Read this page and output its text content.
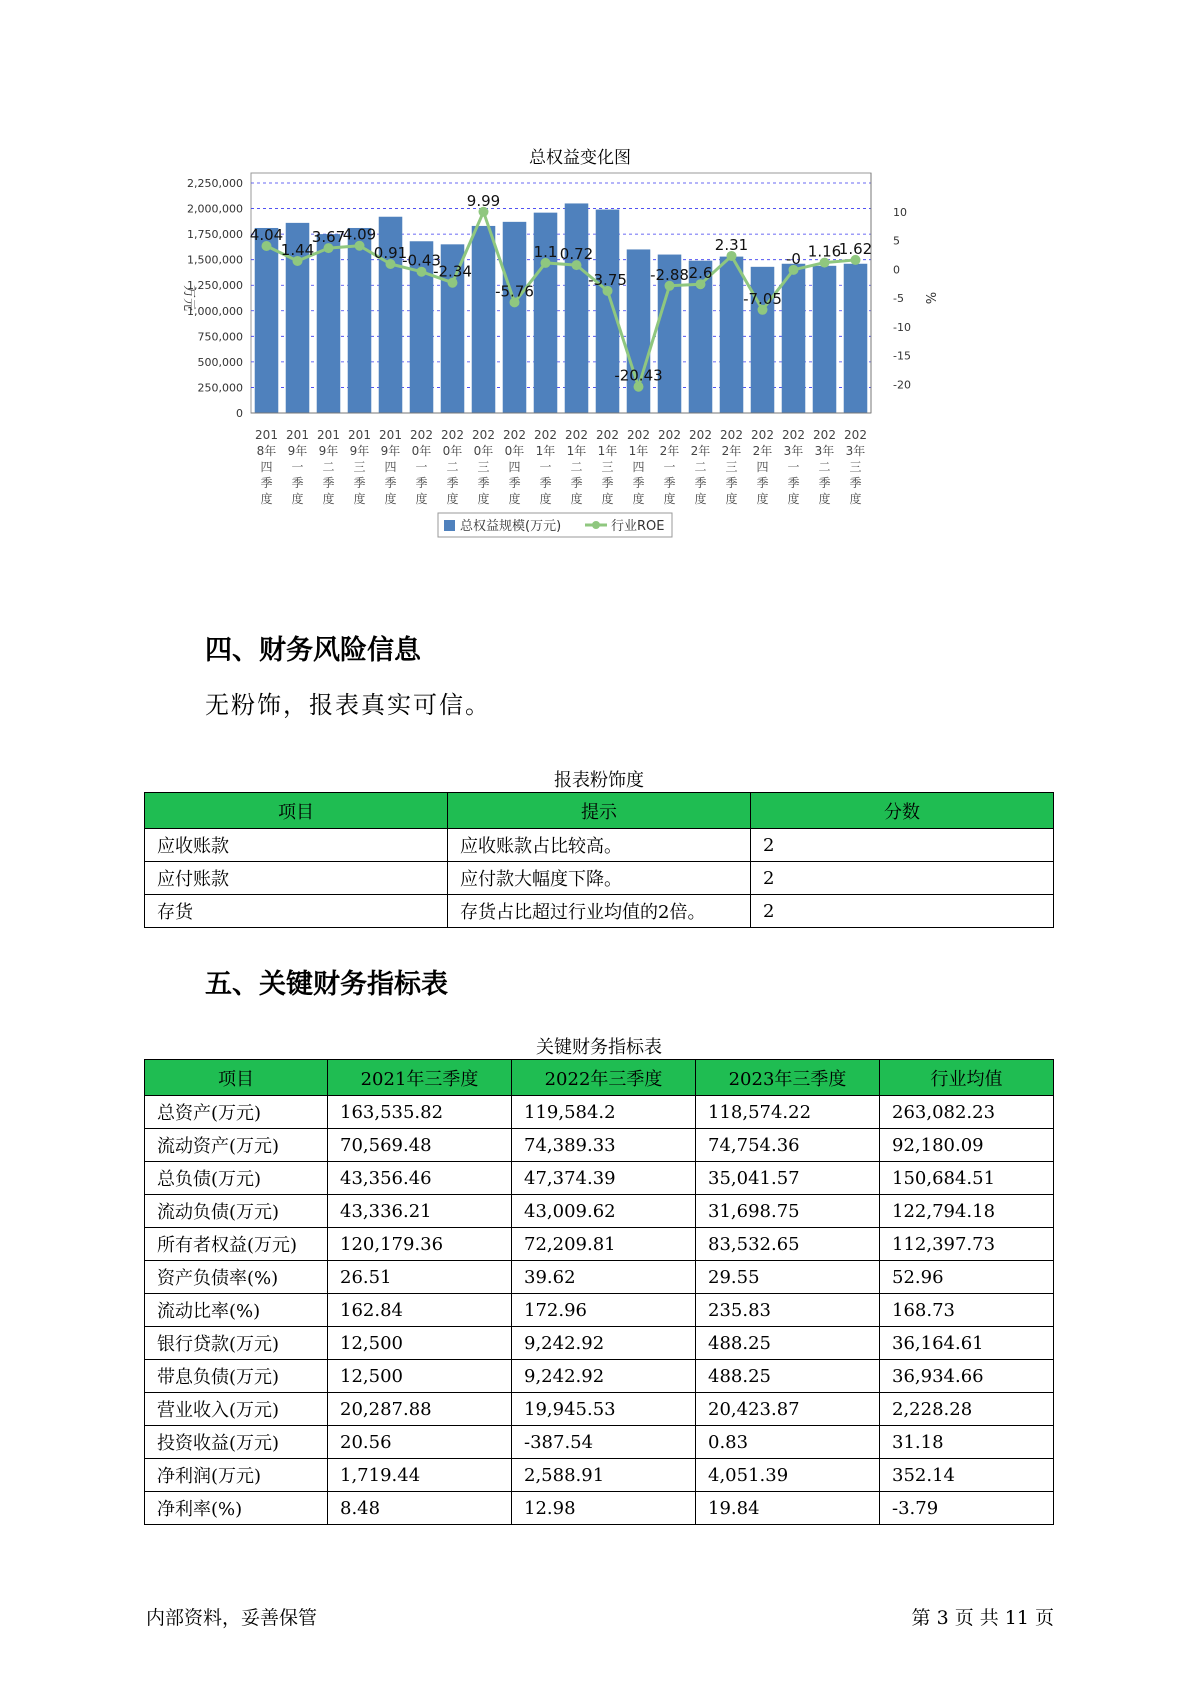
总权益变化图
0
250,000
500,000
750,000
1,000,000
1,250,000
1,500,000
1,750,000
2,000,000
2,250,000
10
5
0
-5
-10
-15
-20
万元	%
4.04
1.44
3.67
4.09
0.91
-0.43
-2.34
9.99
-5.76
1.1 0.72
-3.75
-20.43
-2.88 2.6
2.31
-7.05
-0 1.16
1.62
201
8年
四
季
度
201
9年
一
季
度
201
9年
二
季
度
201
9年
三
季
度
201
9年
四
季
度
202
0年
一
季
度
202
0年
二
季
度
202
0年
三
季
度
202
0年
四
季
度
202
1年
一
季
度
202
1年
二
季
度
202
1年
三
季
度
202
1年
四
季
度
202
2年
一
季
度
202
2年
二
季
度
202
2年
三
季
度
202
2年
四
季
度
202
3年
一
季
度
202
3年
二
季
度
202
3年
三
季
度
总权益规模(万元)	行业ROE
四、财务风险信息
无粉饰，报表真实可信。
报表粉饰度
项目	提示	分数
应收账款	应收账款占比较高。	2
应付账款	应付款大幅度下降。	2
存货	存货占比超过行业均值的2倍。	2
五、关键财务指标表
关键财务指标表
项目	2021年三季度	2022年三季度	2023年三季度	行业均值
总资产(万元)	163,535.82	119,584.2	118,574.22	263,082.23
流动资产(万元)	70,569.48	74,389.33	74,754.36	92,180.09
总负债(万元)	43,356.46	47,374.39	35,041.57	150,684.51
流动负债(万元)	43,336.21	43,009.62	31,698.75	122,794.18
所有者权益(万元)	120,179.36	72,209.81	83,532.65	112,397.73
资产负债率(%)	26.51	39.62	29.55	52.96
流动比率(%)	162.84	172.96	235.83	168.73
银行贷款(万元)	12,500	9,242.92	488.25	36,164.61
带息负债(万元)	12,500	9,242.92	488.25	36,934.66
营业收入(万元)	20,287.88	19,945.53	20,423.87	2,228.28
投资收益(万元)	20.56	-387.54	0.83	31.18
净利润(万元)	1,719.44	2,588.91	4,051.39	352.14
净利率(%)	8.48	12.98	19.84	-3.79
内部资料，妥善保管	第 3 页 共 11 页
